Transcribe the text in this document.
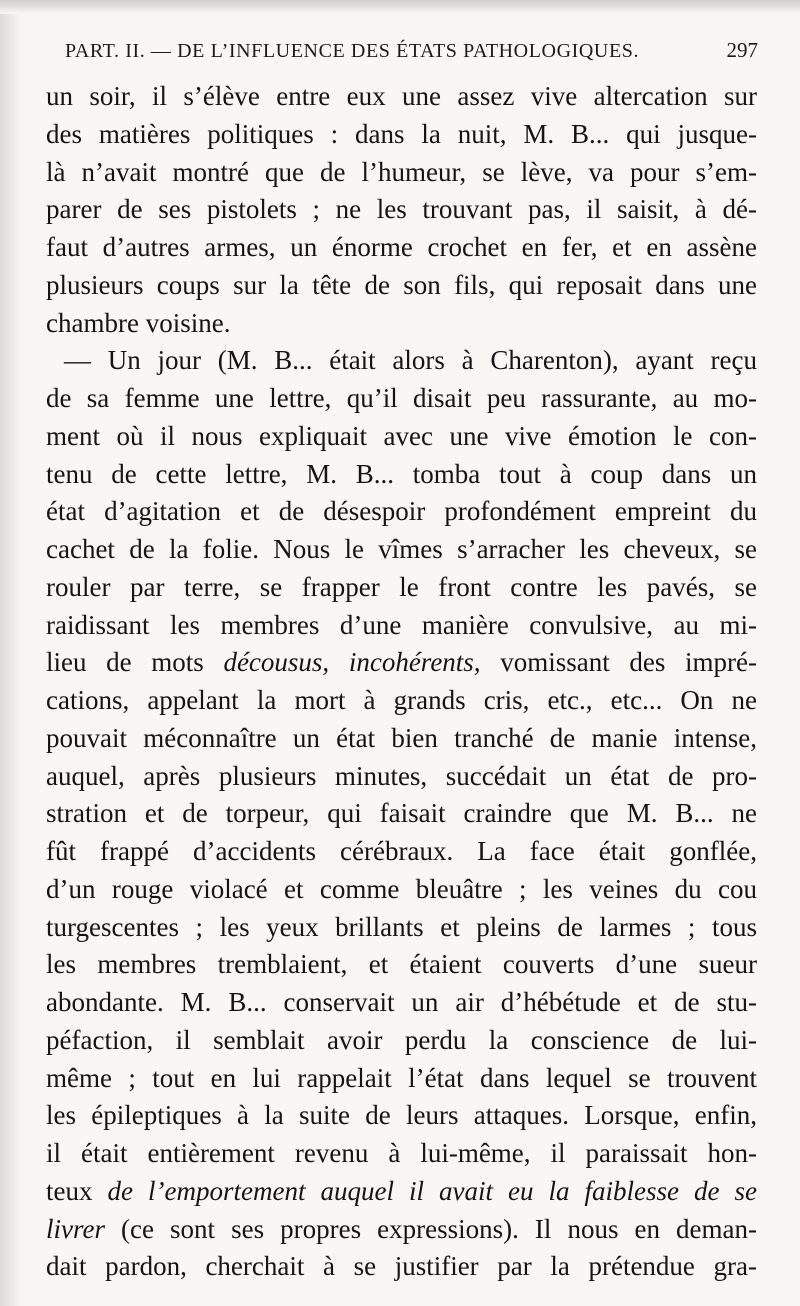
PART. II. — DE L’INFLUENCE DES ÉTATS PATHOLOGIQUES.	297
un soir, il s’élève entre eux une assez vive altercation sur
des matières politiques : dans la nuit, M. B... qui jusque-
là n’avait montré que de l’humeur, se lève, va pour s’em-
parer de ses pistolets ; ne les trouvant pas, il saisit, à dé-
faut d’autres armes, un énorme crochet en fer, et en assène
plusieurs coups sur la tête de son fils, qui reposait dans une
chambre voisine.
— Un jour (M. B... était alors à Charenton), ayant reçu
de sa femme une lettre, qu’il disait peu rassurante, au mo-
ment où il nous expliquait avec une vive émotion le con-
tenu de cette lettre, M. B... tomba tout à coup dans un
état d’agitation et de désespoir profondément empreint du
cachet de la folie. Nous le vîmes s’arracher les cheveux, se
rouler par terre, se frapper le front contre les pavés, se
raidissant les membres d’une manière convulsive, au mi-
lieu de mots décousus, incohérents, vomissant des impré-
cations, appelant la mort à grands cris, etc., etc... On ne
pouvait méconnaître un état bien tranché de manie intense,
auquel, après plusieurs minutes, succédait un état de pro-
stration et de torpeur, qui faisait craindre que M. B... ne
fût frappé d’accidents cérébraux. La face était gonflée,
d’un rouge violacé et comme bleuâtre ; les veines du cou
turgescentes ; les yeux brillants et pleins de larmes ; tous
les membres tremblaient, et étaient couverts d’une sueur
abondante. M. B... conservait un air d’hébétude et de stu-
péfaction, il semblait avoir perdu la conscience de lui-
même ; tout en lui rappelait l’état dans lequel se trouvent
les épileptiques à la suite de leurs attaques. Lorsque, enfin,
il était entièrement revenu à lui-même, il paraissait hon-
teux de l’emportement auquel il avait eu la faiblesse de se
livrer (ce sont ses propres expressions). Il nous en deman-
dait pardon, cherchait à se justifier par la prétendue gra-
